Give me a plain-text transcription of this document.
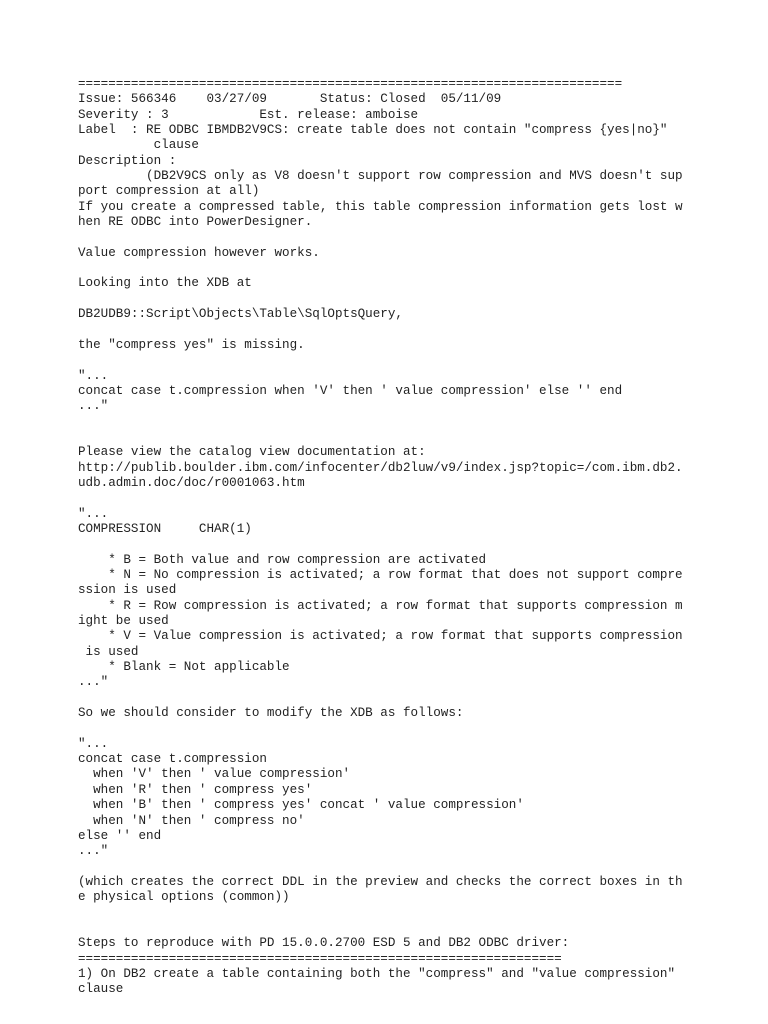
========================================================================
Issue: 566346    03/27/09       Status: Closed  05/11/09
Severity : 3            Est. release: amboise
Label  : RE ODBC IBMDB2V9CS: create table does not contain "compress {yes|no}"
clause
Description :
(DB2V9CS only as V8 doesn't support row compression and MVS doesn't sup
port compression at all)
If you create a compressed table, this table compression information gets lost w
hen RE ODBC into PowerDesigner.
Value compression however works.
Looking into the XDB at
DB2UDB9::Script\Objects\Table\SqlOptsQuery,
the "compress yes" is missing.
"...
concat case t.compression when 'V' then ' value compression' else '' end
..."
Please view the catalog view documentation at:
http://publib.boulder.ibm.com/infocenter/db2luw/v9/index.jsp?topic=/com.ibm.db2.
udb.admin.doc/doc/r0001063.htm
"...
COMPRESSION     CHAR(1)
* B = Both value and row compression are activated
* N = No compression is activated; a row format that does not support compre
ssion is used
* R = Row compression is activated; a row format that supports compression m
ight be used
* V = Value compression is activated; a row format that supports compression
is used
* Blank = Not applicable
..."
So we should consider to modify the XDB as follows:
"...
concat case t.compression
when 'V' then ' value compression'
when 'R' then ' compress yes'
when 'B' then ' compress yes' concat ' value compression'
when 'N' then ' compress no'
else '' end
..."
(which creates the correct DDL in the preview and checks the correct boxes in th
e physical options (common))
Steps to reproduce with PD 15.0.0.2700 ESD 5 and DB2 ODBC driver:
================================================================
1) On DB2 create a table containing both the "compress" and "value compression"
clause
